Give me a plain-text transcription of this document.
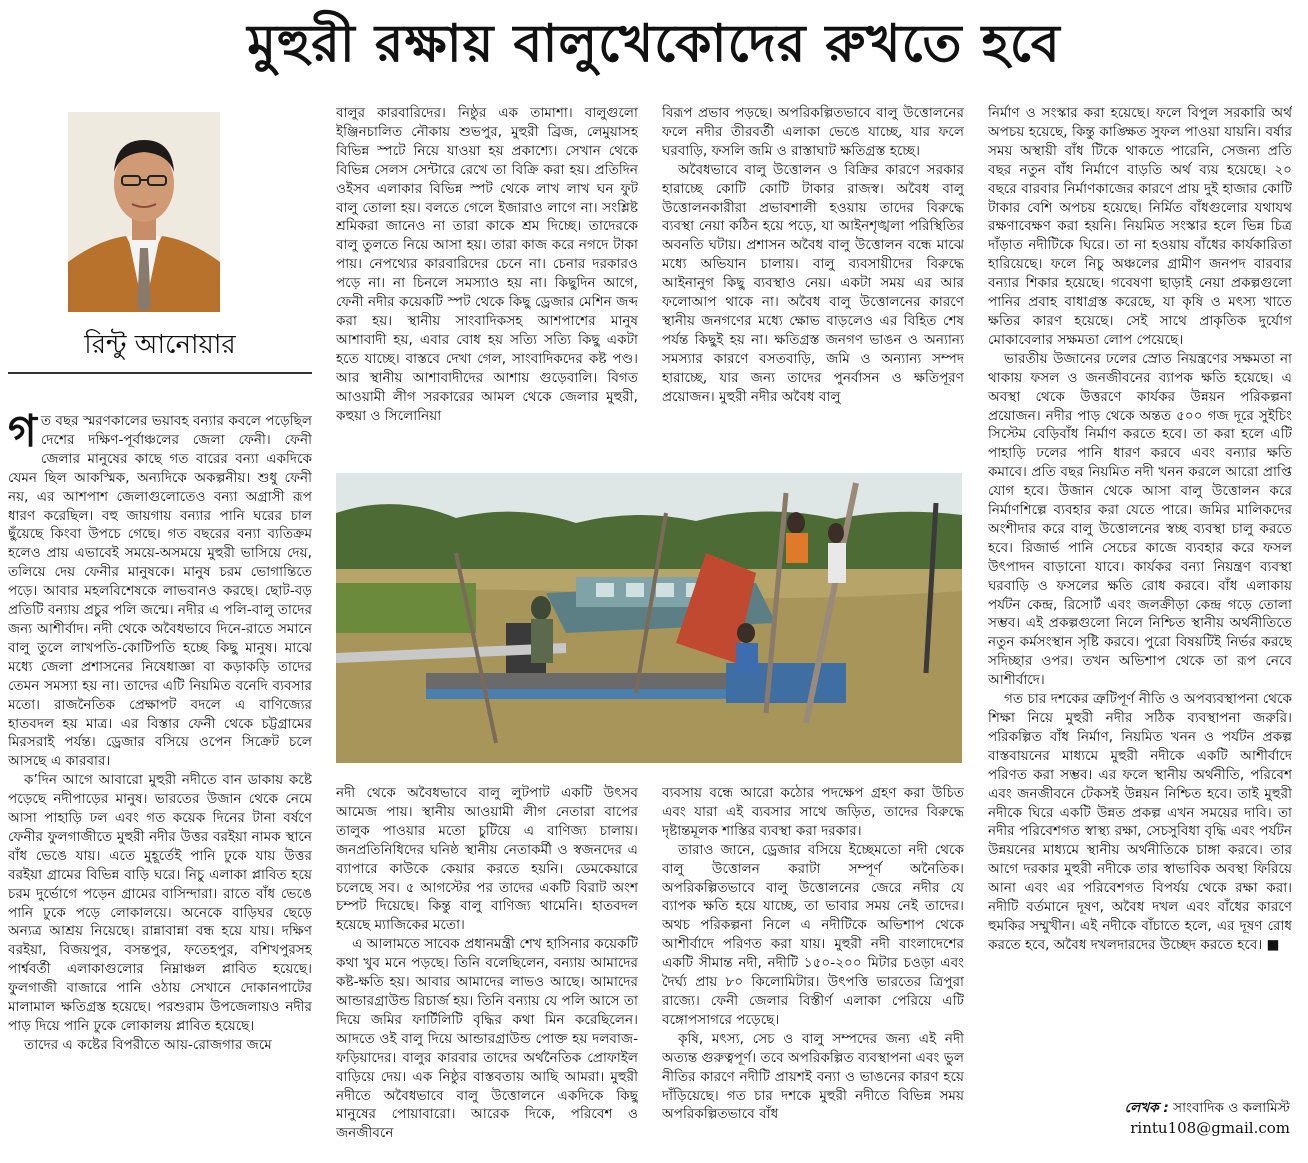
মুহুরী রক্ষায় বালুখেকোদের রুখতে হবে
রিন্টু আনোয়ার

গত বছর স্মরণকালের ভয়াবহ বন্যার কবলে পড়েছিল দেশের দক্ষিণ-পূর্বাঞ্চলের জেলা ফেনী। ফেনী জেলার মানুষের কাছে গত বারের বন্যা একদিকে যেমন ছিল আকস্মিক, অন্যদিকে অকল্পনীয়। শুধু ফেনী নয়, এর আশপাশ জেলাগুলোতেও বন্যা অগ্রাসী রূপ ধারণ করেছিল। বহু জায়গায় বন্যার পানি ঘরের চাল ছুঁয়েছে কিংবা উপচে গেছে। গত বছরের বন্যা ব্যতিক্রম হলেও প্রায় এভাবেই সময়ে-অসময়ে মুহুরী ভাসিয়ে দেয়, তলিয়ে দেয় ফেনীর মানুষকে। মানুষ চরম ভোগান্তিতে পড়ে। আবার মহলবিশেষকে লাভবানও করছে। ছোট-বড় প্রতিটি বন্যায় প্রচুর পলি জন্মে। নদীর এ পলি-বালু তাদের জন্য আশীর্বাদ। নদী থেকে অবৈধভাবে দিনে-রাতে সমানে বালু তুলে লাখপতি-কোটিপতি হচ্ছে কিছু মানুষ। মাঝে মধ্যে জেলা প্রশাসনের নিষেধাজ্ঞা বা কড়াকড়ি তাদের তেমন সমস্যা হয় না। তাদের এটি নিয়মিত বনেদি ব্যবসার মতো। রাজনৈতিক প্রেক্ষাপট বদলে এ বাণিজ্যের হাতবদল হয় মাত্র। এর বিস্তার ফেনী থেকে চট্টগ্রামের মিরসরাই পর্যন্ত। ড্রেজার বসিয়ে ওপেন সিক্রেট চলে আসছে এ কারবার।

ক’দিন আগে আবারো মুহুরী নদীতে বান ডাকায় কষ্টে পড়েছে নদীপাড়ের মানুষ। ভারতের উজান থেকে নেমে আসা পাহাড়ি ঢল এবং গত কয়েক দিনের টানা বর্ষণে ফেনীর ফুলগাজীতে মুহুরী নদীর উত্তর বরইয়া নামক স্থানে বাঁধ ভেঙে যায়। এতে মুহূর্তেই পানি ঢুকে যায় উত্তর বরইয়া গ্রামের বিভিন্ন বাড়ি ঘরে। নিচু এলাকা প্লাবিত হয়ে চরম দুর্ভোগে পড়েন গ্রামের বাসিন্দারা। রাতে বাঁধ ভেঙে পানি ঢুকে পড়ে লোকালয়ে। অনেকে বাড়িঘর ছেড়ে অন্যত্র আশ্রয় নিয়েছে। রান্নাবান্না বন্ধ হয়ে যায়। দক্ষিণ বরইয়া, বিজয়পুর, বসন্তপুর, ফতেহপুর, বশিখপুরসহ পার্শ্ববর্তী এলাকাগুলোর নিম্নাঞ্চল প্লাবিত হয়েছে। ফুলগাজী বাজারে পানি ওঠায় সেখানে দোকানপাটের মালামাল ক্ষতিগ্রস্ত হয়েছে। পরশুরাম উপজেলায়ও নদীর পাড় দিয়ে পানি ঢুকে লোকালয় প্লাবিত হয়েছে।

তাদের এ কষ্টের বিপরীতে আয়-রোজগার জমে

বালুর কারবারিদের। নিষ্ঠুর এক তামাশা। বালুগুলো ইঞ্জিনচালিত নৌকায় শুভপুর, মুহুরী ব্রিজ, লেমুয়াসহ বিভিন্ন স্পটে নিয়ে যাওয়া হয় প্রকাশ্যে। সেখান থেকে বিভিন্ন সেলস সেন্টারে রেখে তা বিক্রি করা হয়। প্রতিদিন ওইসব এলাকার বিভিন্ন স্পট থেকে লাখ লাখ ঘন ফুট বালু তোলা হয়। বলতে গেলে ইজারাও লাগে না। সংশ্লিষ্ট শ্রমিকরা জানেও না তারা কাকে শ্রম দিচ্ছে। তাদেরকে বালু তুলতে নিয়ে আসা হয়। তারা কাজ করে নগদে টাকা পায়। নেপথ্যের কারবারিদের চেনে না। চেনার দরকারও পড়ে না। না চিনলে সমস্যাও হয় না। কিছুদিন আগে, ফেনী নদীর কয়েকটি স্পট থেকে কিছু ড্রেজার মেশিন জব্দ করা হয়। স্থানীয় সাংবাদিকসহ আশপাশের মানুষ আশাবাদী হয়, এবার বোধ হয় সত্যি সত্যি কিছু একটা হতে যাচ্ছে। বাস্তবে দেখা গেল, সাংবাদিকদের কষ্ট পণ্ড। আর স্থানীয় আশাবাদীদের আশায় গুড়েবালি। বিগত আওয়ামী লীগ সরকারের আমল থেকে জেলার মুহুরী, কহুয়া ও সিলোনিয়া

বিরূপ প্রভাব পড়ছে। অপরিকল্পিতভাবে বালু উত্তোলনের ফলে নদীর তীরবর্তী এলাকা ভেঙে যাচ্ছে, যার ফলে ঘরবাড়ি, ফসলি জমি ও রাস্তাঘাট ক্ষতিগ্রস্ত হচ্ছে।

অবৈধভাবে বালু উত্তোলন ও বিক্রির কারণে সরকার হারাচ্ছে কোটি কোটি টাকার রাজস্ব। অবৈধ বালু উত্তোলনকারীরা প্রভাবশালী হওয়ায় তাদের বিরুদ্ধে ব্যবস্থা নেয়া কঠিন হয়ে পড়ে, যা আইনশৃঙ্খলা পরিস্থিতির অবনতি ঘটায়। প্রশাসন অবৈধ বালু উত্তোলন বন্ধে মাঝে মধ্যে অভিযান চালায়। বালু ব্যবসায়ীদের বিরুদ্ধে আইনানুগ কিছু ব্যবস্থাও নেয়। একটা সময় এর আর ফলোআপ থাকে না। অবৈধ বালু উত্তোলনের কারণে স্থানীয় জনগণের মধ্যে ক্ষোভ বাড়লেও এর বিহিত শেষ পর্যন্ত কিছুই হয় না। ক্ষতিগ্রস্ত জনগণ ভাঙন ও অন্যান্য সমস্যার কারণে বসতবাড়ি, জমি ও অন্যান্য সম্পদ হারাচ্ছে, যার জন্য তাদের পুনর্বাসন ও ক্ষতিপূরণ প্রয়োজন। মুহুরী নদীর অবৈধ বালু

নদী থেকে অবৈধভাবে বালু লুটপাট একটি উৎসব আমেজ পায়। স্থানীয় আওয়ামী লীগ নেতারা বাপের তালুক পাওয়ার মতো চুটিয়ে এ বাণিজ্য চালায়। জনপ্রতিনিধিদের ঘনিষ্ঠ স্থানীয় নেতাকর্মী ও স্বজনদের এ ব্যাপারে কাউকে কেয়ার করতে হয়নি। ডেমকেয়ারে চলেছে সব। ৫ আগস্টের পর তাদের একটি বিরাট অংশ চম্পট দিয়েছে। কিন্তু বালু বাণিজ্য থামেনি। হাতবদল হয়েছে ম্যাজিকের মতো।

এ আলামতে সাবেক প্রধানমন্ত্রী শেখ হাসিনার কয়েকটি কথা খুব মনে পড়ছে। তিনি বলেছিলেন, বন্যায় আমাদের কষ্ট-ক্ষতি হয়। আবার আমাদের লাভও আছে। আমাদের আন্ডারগ্রাউন্ড রিচার্জ হয়। তিনি বন্যায় যে পলি আসে তা দিয়ে জমির ফার্টিলিটি বৃদ্ধির কথা মিন করেছিলেন। আদতে ওই বালু দিয়ে আন্ডারগ্রাউন্ড পোক্ত হয় দলবাজ-ফড়িয়াদের। বালুর কারবার তাদের অর্থনৈতিক প্রোফাইল বাড়িয়ে দেয়। এক নিষ্ঠুর বাস্তবতায় আছি আমরা। মুহুরী নদীতে অবৈধভাবে বালু উত্তোলনে একদিকে কিছু মানুষের পোয়াবারো। আরেক দিকে, পরিবেশ ও জনজীবনে

ব্যবসায় বন্ধে আরো কঠোর পদক্ষেপ গ্রহণ করা উচিত এবং যারা এই ব্যবসার সাথে জড়িত, তাদের বিরুদ্ধে দৃষ্টান্তমূলক শাস্তির ব্যবস্থা করা দরকার।

তারাও জানে, ড্রেজার বসিয়ে ইচ্ছেমতো নদী থেকে বালু উত্তোলন করাটা সম্পূর্ণ অনৈতিক। অপরিকল্পিতভাবে বালু উত্তোলনের জেরে নদীর যে ব্যাপক ক্ষতি হয়ে যাচ্ছে, তা ভাবার সময় নেই তাদের। অথচ পরিকল্পনা নিলে এ নদীটিকে অভিশাপ থেকে আশীর্বাদে পরিণত করা যায়। মুহুরী নদী বাংলাদেশের একটি সীমান্ত নদী, নদীটি ১৫০-২০০ মিটার চওড়া এবং দৈর্ঘ্য প্রায় ৮০ কিলোমিটার। উৎপত্তি ভারতের ত্রিপুরা রাজ্যে। ফেনী জেলার বিস্তীর্ণ এলাকা পেরিয়ে এটি বঙ্গোপসাগরে পড়েছে।

কৃষি, মৎস্য, সেচ ও বালু সম্পদের জন্য এই নদী অত্যন্ত গুরুত্বপূর্ণ। তবে অপরিকল্পিত ব্যবস্থাপনা এবং ভুল নীতির কারণে নদীটি প্রায়শই বন্যা ও ভাঙনের কারণ হয়ে দাঁড়িয়েছে। গত চার দশকে মুহুরী নদীতে বিভিন্ন সময় অপরিকল্পিতভাবে বাঁধ

নির্মাণ ও সংস্কার করা হয়েছে। ফলে বিপুল সরকারি অর্থ অপচয় হয়েছে, কিন্তু কাঙ্ক্ষিত সুফল পাওয়া যায়নি। বর্ষার সময় অস্থায়ী বাঁধ টিকে থাকতে পারেনি, সেজন্য প্রতি বছর নতুন বাঁধ নির্মাণে বাড়তি অর্থ ব্যয় হয়েছে। ২০ বছরে বারবার নির্মাণকাজের কারণে প্রায় দুই হাজার কোটি টাকার বেশি অপচয় হয়েছে। নির্মিত বাঁধগুলোর যথাযথ রক্ষণাবেক্ষণ করা হয়নি। নিয়মিত সংস্কার হলে ভিন্ন চিত্র দাঁড়াত নদীটিকে ঘিরে। তা না হওয়ায় বাঁধের কার্যকারিতা হারিয়েছে। ফলে নিচু অঞ্চলের গ্রামীণ জনপদ বারবার বন্যার শিকার হয়েছে। গবেষণা ছাড়াই নেয়া প্রকল্পগুলো পানির প্রবাহ বাধাগ্রস্ত করেছে, যা কৃষি ও মৎস্য খাতে ক্ষতির কারণ হয়েছে। সেই সাথে প্রাকৃতিক দুর্যোগ মোকাবেলার সক্ষমতা লোপ পেয়েছে।

ভারতীয় উজানের ঢলের স্রোত নিয়ন্ত্রণের সক্ষমতা না থাকায় ফসল ও জনজীবনের ব্যাপক ক্ষতি হয়েছে। এ অবস্থা থেকে উত্তরণে কার্যকর উন্নয়ন পরিকল্পনা প্রয়োজন। নদীর পাড় থেকে অন্তত ৫০০ গজ দূরে সুইচিং সিস্টেম বেড়িবাঁধ নির্মাণ করতে হবে। তা করা হলে এটি পাহাড়ি ঢলের পানি ধারণ করবে এবং বন্যার ক্ষতি কমাবে। প্রতি বছর নিয়মিত নদী খনন করলে আরো প্রাপ্তি যোগ হবে। উজান থেকে আসা বালু উত্তোলন করে নির্মাণশিল্পে ব্যবহার করা যেতে পারে। জমির মালিকদের অংশীদার করে বালু উত্তোলনের স্বচ্ছ ব্যবস্থা চালু করতে হবে। রিজার্ভ পানি সেচের কাজে ব্যবহার করে ফসল উৎপাদন বাড়ানো যাবে। কার্যকর বন্যা নিয়ন্ত্রণ ব্যবস্থা ঘরবাড়ি ও ফসলের ক্ষতি রোধ করবে। বাঁধ এলাকায় পর্যটন কেন্দ্র, রিসোর্ট এবং জলক্রীড়া কেন্দ্র গড়ে তোলা সম্ভব। এই প্রকল্পগুলো নিলে নিশ্চিত স্থানীয় অর্থনীতিতে নতুন কর্মসংস্থান সৃষ্টি করবে। পুরো বিষয়টিই নির্ভর করছে সদিচ্ছার ওপর। তখন অভিশাপ থেকে তা রূপ নেবে আশীর্বাদে।

গত চার দশকের ত্রুটিপূর্ণ নীতি ও অপব্যবস্থাপনা থেকে শিক্ষা নিয়ে মুহুরী নদীর সঠিক ব্যবস্থাপনা জরুরি। পরিকল্পিত বাঁধ নির্মাণ, নিয়মিত খনন ও পর্যটন প্রকল্প বাস্তবায়নের মাধ্যমে মুহুরী নদীকে একটি আশীর্বাদে পরিণত করা সম্ভব। এর ফলে স্থানীয় অর্থনীতি, পরিবেশ এবং জনজীবনে টেকসই উন্নয়ন নিশ্চিত হবে। তাই মুহুরী নদীকে ঘিরে একটি উন্নত প্রকল্প এখন সময়ের দাবি। তা নদীর পরিবেশগত স্বাস্থ্য রক্ষা, সেচসুবিধা বৃদ্ধি এবং পর্যটন উন্নয়নের মাধ্যমে স্থানীয় অর্থনীতিকে চাঙ্গা করবে। তার আগে দরকার মুহুরী নদীকে তার স্বাভাবিক অবস্থা ফিরিয়ে আনা এবং এর পরিবেশগত বিপর্যয় থেকে রক্ষা করা। নদীটি বর্তমানে দূষণ, অবৈধ দখল এবং বাঁধের কারণে হুমকির সম্মুখীন। এই নদীকে বাঁচাতে হলে, এর দূষণ রোধ করতে হবে, অবৈধ দখলদারদের উচ্ছেদ করতে হবে। ■

লেখক : সাংবাদিক ও কলামিস্ট
rintu108@gmail.com
